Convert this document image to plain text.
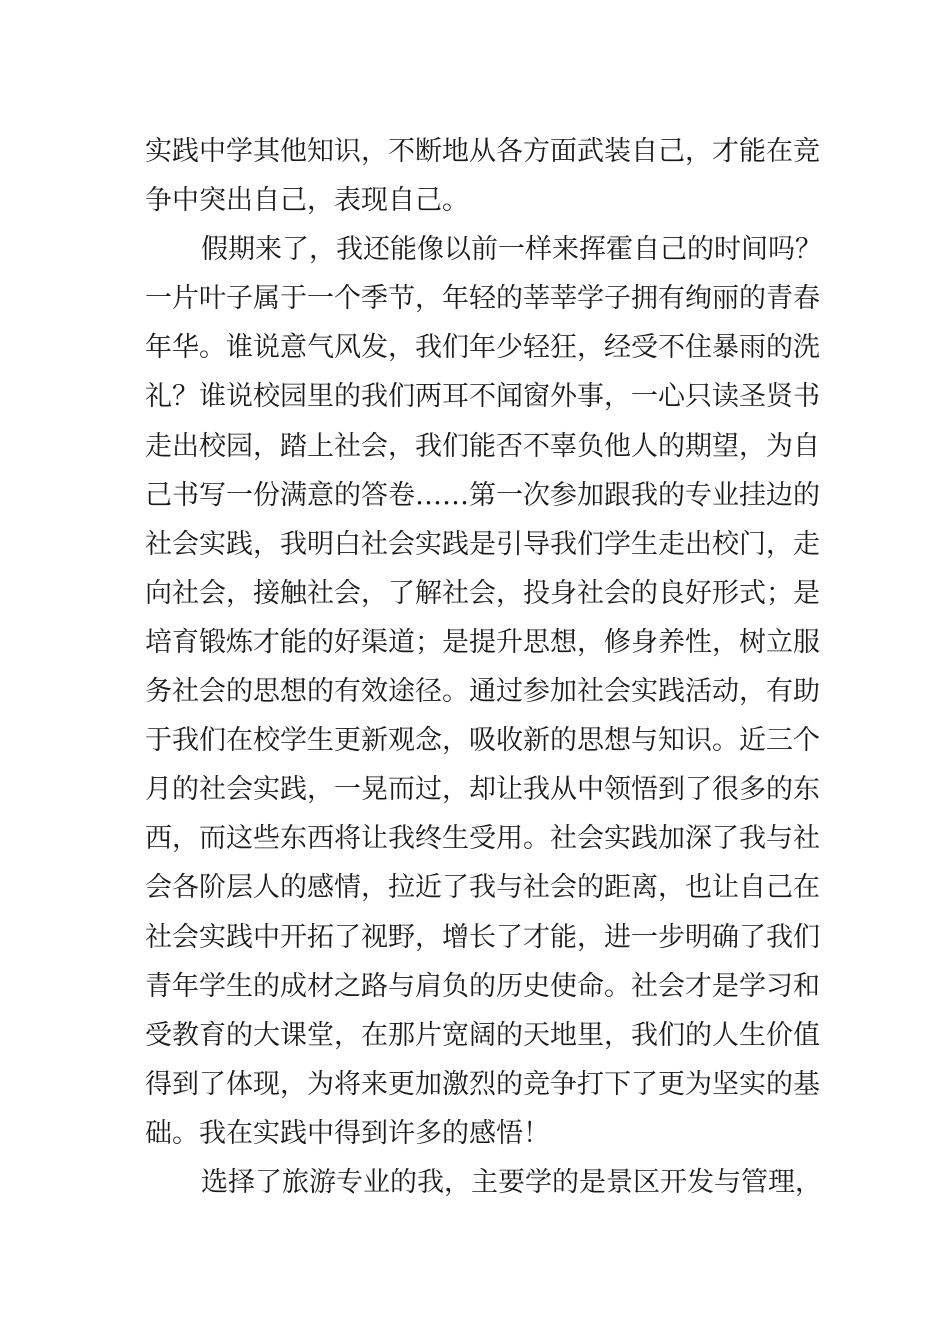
实 践 中 学 其 他 知 识 ， 不 断 地 从 各 方 面 武 装 自 己 ， 才 能 在 竞
争 中 突 出 自 己 ， 表 现 自 己 。
假 期 来 了 ， 我 还 能 像 以 前 一 样 来 挥 霍 自 己 的 时 间 吗 ？
一 片 叶 子 属 于 一 个 季 节 ， 年 轻 的 莘 莘 学 子 拥 有 绚 丽 的 青 春
年 华 。 谁 说 意 气 风 发 ， 我 们 年 少 轻 狂 ， 经 受 不 住 暴 雨 的 洗
礼 ？ 谁 说 校 园 里 的 我 们 两 耳 不 闻 窗 外 事 ， 一 心 只 读 圣 贤 书
走 出 校 园 ， 踏 上 社 会 ， 我 们 能 否 不 辜 负 他 人 的 期 望 ， 为 自
己 书 写 一 份 满 意 的 答 卷 … … 第 一 次 参 加 跟 我 的 专 业 挂 边 的
社 会 实 践 ， 我 明 白 社 会 实 践 是 引 导 我 们 学 生 走 出 校 门 ， 走
向 社 会 ， 接 触 社 会 ， 了 解 社 会 ， 投 身 社 会 的 良 好 形 式 ； 是
培 育 锻 炼 才 能 的 好 渠 道 ； 是 提 升 思 想 ， 修 身 养 性 ， 树 立 服
务 社 会 的 思 想 的 有 效 途 径 。 通 过 参 加 社 会 实 践 活 动 ， 有 助
于 我 们 在 校 学 生 更 新 观 念 ， 吸 收 新 的 思 想 与 知 识 。 近 三 个
月 的 社 会 实 践 ， 一 晃 而 过 ， 却 让 我 从 中 领 悟 到 了 很 多 的 东
西 ， 而 这 些 东 西 将 让 我 终 生 受 用 。 社 会 实 践 加 深 了 我 与 社
会 各 阶 层 人 的 感 情 ， 拉 近 了 我 与 社 会 的 距 离 ， 也 让 自 己 在
社 会 实 践 中 开 拓 了 视 野 ， 增 长 了 才 能 ， 进 一 步 明 确 了 我 们
青 年 学 生 的 成 材 之 路 与 肩 负 的 历 史 使 命 。 社 会 才 是 学 习 和
受 教 育 的 大 课 堂 ， 在 那 片 宽 阔 的 天 地 里 ， 我 们 的 人 生 价 值
得 到 了 体 现 ， 为 将 来 更 加 激 烈 的 竞 争 打 下 了 更 为 坚 实 的 基
础 。 我 在 实 践 中 得 到 许 多 的 感 悟 ！
选 择 了 旅 游 专 业 的 我 ， 主 要 学 的 是 景 区 开 发 与 管 理 ，
